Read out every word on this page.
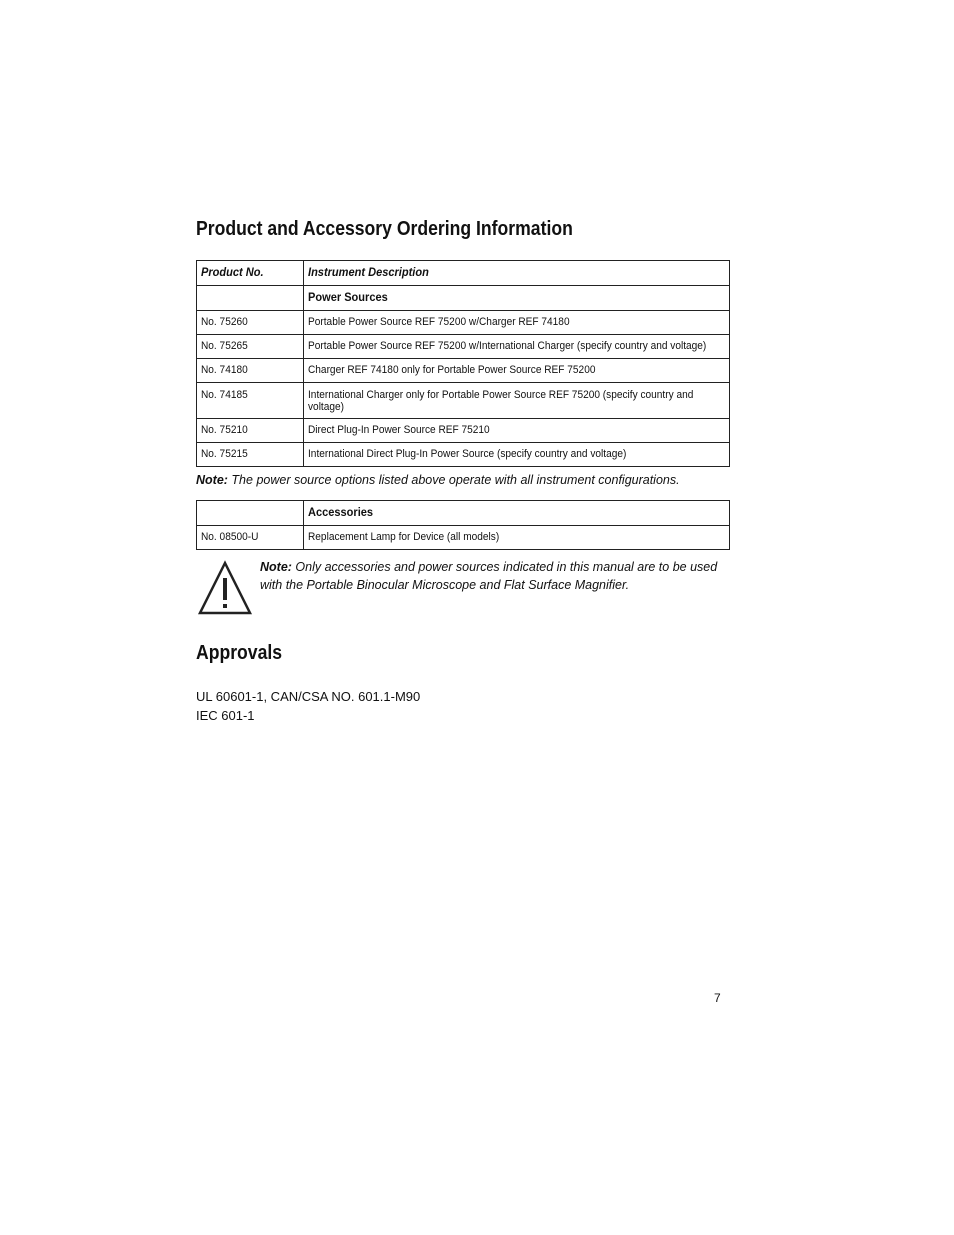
Product and Accessory Ordering Information
Product No.	Instrument Description
	Power Sources
No. 75260	Portable Power Source REF 75200 w/Charger REF 74180
No. 75265	Portable Power Source REF 75200 w/International Charger (specify country and voltage)
No. 74180	Charger REF 74180 only for Portable Power Source REF 75200
No. 74185	International Charger only for Portable Power Source REF 75200 (specify country and voltage)
No. 75210	Direct Plug-In Power Source REF 75210
No. 75215	International Direct Plug-In Power Source (specify country and voltage)

Note: The power source options listed above operate with all instrument configurations.

	Accessories
No. 08500-U	Replacement Lamp for Device (all models)
Note: Only accessories and power sources indicated in this manual are to be used with the Portable Binocular Microscope and Flat Surface Magnifier.
Approvals
UL 60601-1, CAN/CSA NO. 601.1-M90
IEC 601-1
7
